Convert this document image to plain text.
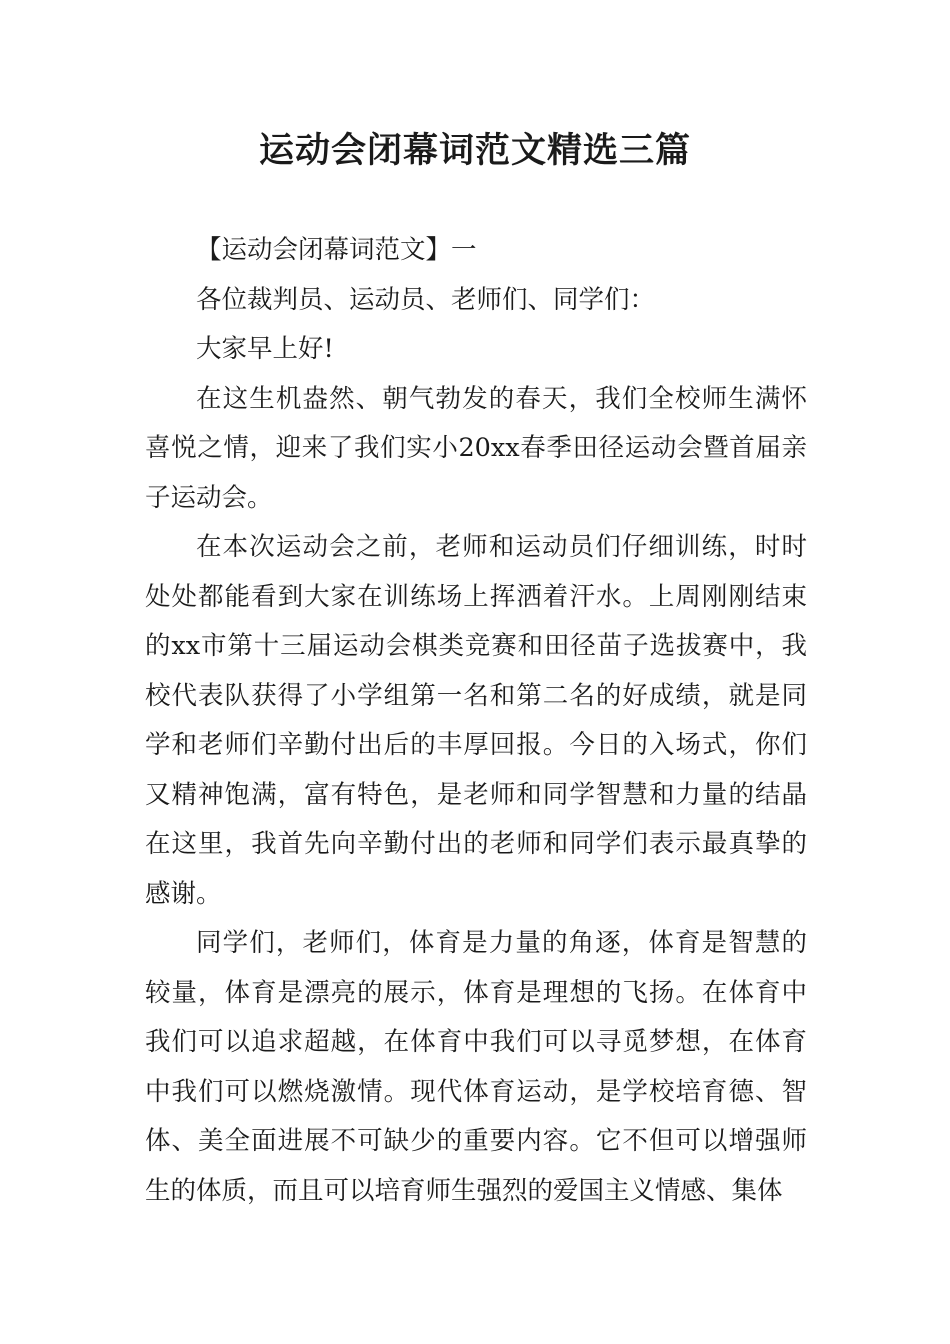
运动会闭幕词范文精选三篇

【运动会闭幕词范文】一

各位裁判员、运动员、老师们、同学们：

大家早上好!

在这生机盎然、朝气勃发的春天，我们全校师生满怀喜悦之情，迎来了我们实小20xx春季田径运动会暨首届亲子运动会。

在本次运动会之前，老师和运动员们仔细训练，时时处处都能看到大家在训练场上挥洒着汗水。上周刚刚结束的xx市第十三届运动会棋类竞赛和田径苗子选拔赛中，我校代表队获得了小学组第一名和第二名的好成绩，就是同学和老师们辛勤付出后的丰厚回报。今日的入场式，你们又精神饱满，富有特色，是老师和同学智慧和力量的结晶在这里，我首先向辛勤付出的老师和同学们表示最真挚的感谢。

同学们，老师们，体育是力量的角逐，体育是智慧的较量，体育是漂亮的展示，体育是理想的飞扬。在体育中我们可以追求超越，在体育中我们可以寻觅梦想，在体育中我们可以燃烧激情。现代体育运动，是学校培育德、智体、美全面进展不可缺少的重要内容。它不但可以增强师生的体质，而且可以培育师生强烈的爱国主义情感、集体
